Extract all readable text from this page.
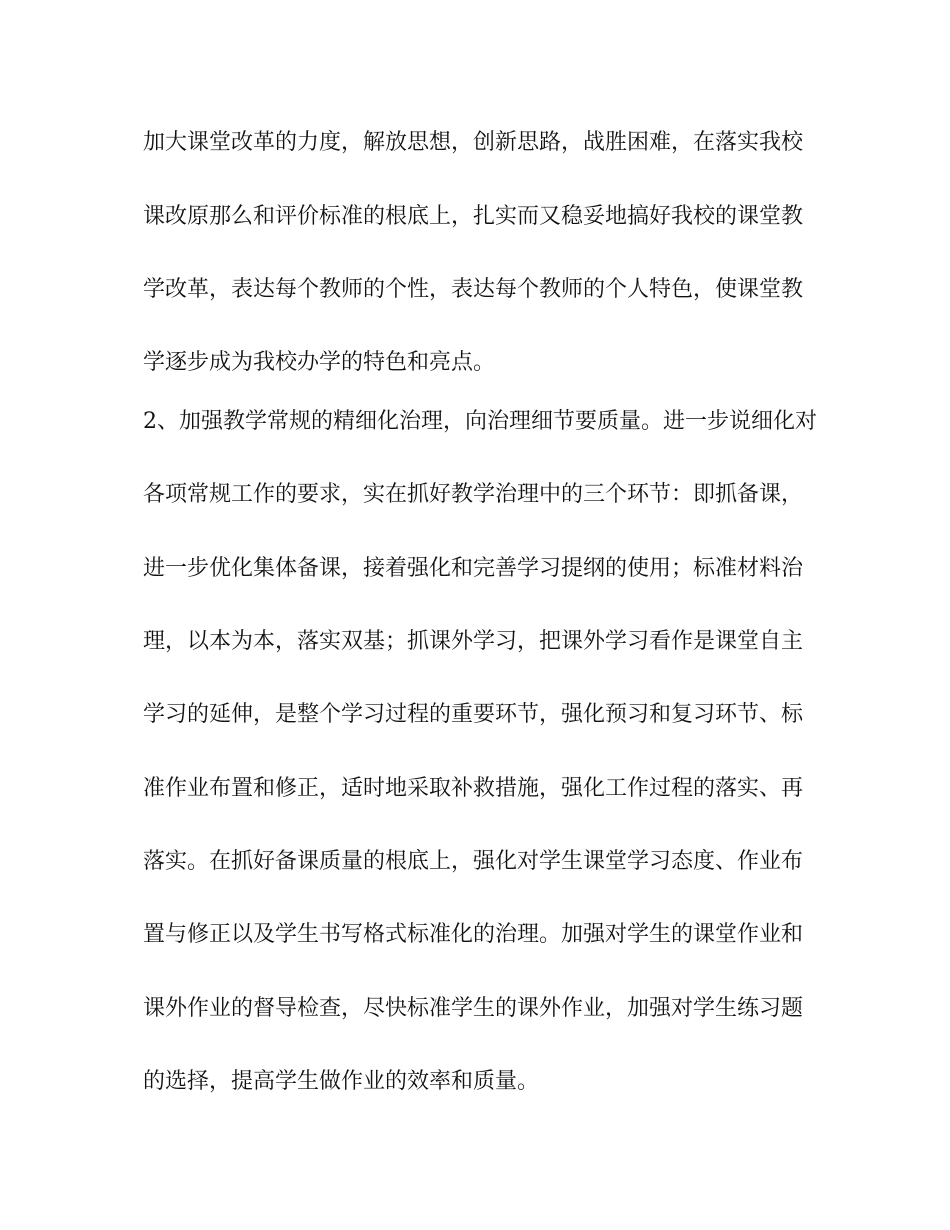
加大课堂改革的力度，解放思想，创新思路，战胜困难，在落实我校
课改原那么和评价标准的根底上，扎实而又稳妥地搞好我校的课堂教
学改革，表达每个教师的个性，表达每个教师的个人特色，使课堂教
学逐步成为我校办学的特色和亮点。
2、加强教学常规的精细化治理，向治理细节要质量。进一步说细化对
各项常规工作的要求，实在抓好教学治理中的三个环节：即抓备课，
进一步优化集体备课，接着强化和完善学习提纲的使用；标准材料治
理，以本为本，落实双基；抓课外学习，把课外学习看作是课堂自主
学习的延伸，是整个学习过程的重要环节，强化预习和复习环节、标
准作业布置和修正，适时地采取补救措施，强化工作过程的落实、再
落实。在抓好备课质量的根底上，强化对学生课堂学习态度、作业布
置与修正以及学生书写格式标准化的治理。加强对学生的课堂作业和
课外作业的督导检查，尽快标准学生的课外作业，加强对学生练习题
的选择，提高学生做作业的效率和质量。
